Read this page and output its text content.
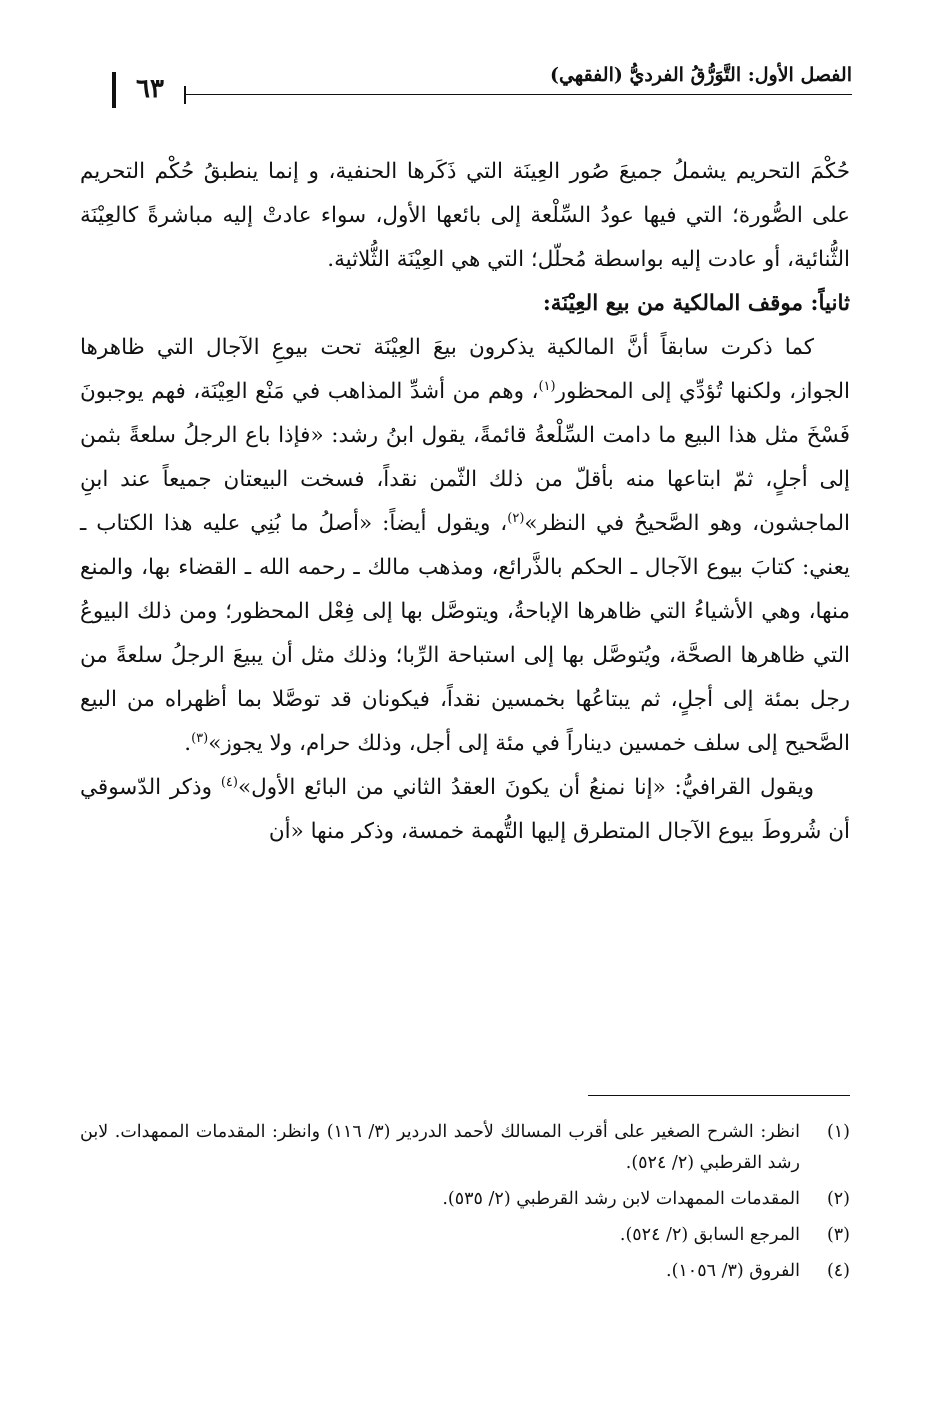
٦٣	الفصل الأول: التَّوَرُّقُ الفرديُّ (الفقهي)

حُكْمَ التحريم يشملُ جميعَ صُور العِينَة التي ذَكَرها الحنفية، و إنما ينطبقُ حُكْم التحريم على الصُّورة؛ التي فيها عودُ السِّلْعة إلى بائعها الأول، سواء عادتْ إليه مباشرةً كالعِيْنَة الثُّنائية، أو عادت إليه بواسطة مُحلّل؛ التي هي العِيْنَة الثُّلاثية.

ثانياً: موقف المالكية من بيع العِيْنَة:

كما ذكرت سابقاً أنَّ المالكية يذكرون بيعَ العِيْنَة تحت بيوعِ الآجال التي ظاهرها الجواز، ولكنها تُؤدِّي إلى المحظور$^{(١)}$، وهم من أشدِّ المذاهب في مَنْع العِيْنَة، فهم يوجبونَ فَسْخَ مثل هذا البيع ما دامت السِّلْعةُ قائمةً، يقول ابنُ رشد: «فإذا باع الرجلُ سلعةً بثمن إلى أجلٍ، ثمّ ابتاعها منه بأقلّ من ذلك الثّمن نقداً، فسخت البيعتان جميعاً عند ابنِ الماجشون، وهو الصَّحيحُ في النظر»$^{(٢)}$، ويقول أيضاً: «أصلُ ما بُنِي عليه هذا الكتاب ـ يعني: كتابَ بيوع الآجال ـ الحكم بالذَّرائع، ومذهب مالك ـ رحمه الله ـ القضاء بها، والمنع منها، وهي الأشياءُ التي ظاهرها الإباحةُ، ويتوصَّل بها إلى فِعْل المحظور؛ ومن ذلك البيوعُ التي ظاهرها الصحَّة، ويُتوصَّل بها إلى استباحة الرِّبا؛ وذلك مثل أن يبيعَ الرجلُ سلعةً من رجل بمئة إلى أجلٍ، ثم يبتاعُها بخمسين نقداً، فيكونان قد توصَّلا بما أظهراه من البيع الصَّحيح إلى سلف خمسين ديناراً في مئة إلى أجل، وذلك حرام، ولا يجوز»$^{(٣)}$.

ويقول القرافيُّ: «إنا نمنعُ أن يكونَ العقدُ الثاني من البائع الأول»$^{(٤)}$ وذكر الدّسوقي أن شُروطَ بيوع الآجال المتطرق إليها التُّهمة خمسة، وذكر منها «أن

(١)
انظر: الشرح الصغير على أقرب المسالك لأحمد الدردير (٣/ ١١٦) وانظر: المقدمات الممهدات. لابن رشد القرطبي (٢/ ٥٢٤).
(٢)
المقدمات الممهدات لابن رشد القرطبي (٢/ ٥٣٥).
(٣)
المرجع السابق (٢/ ٥٢٤).
(٤)
الفروق (٣/ ١٠٥٦).
